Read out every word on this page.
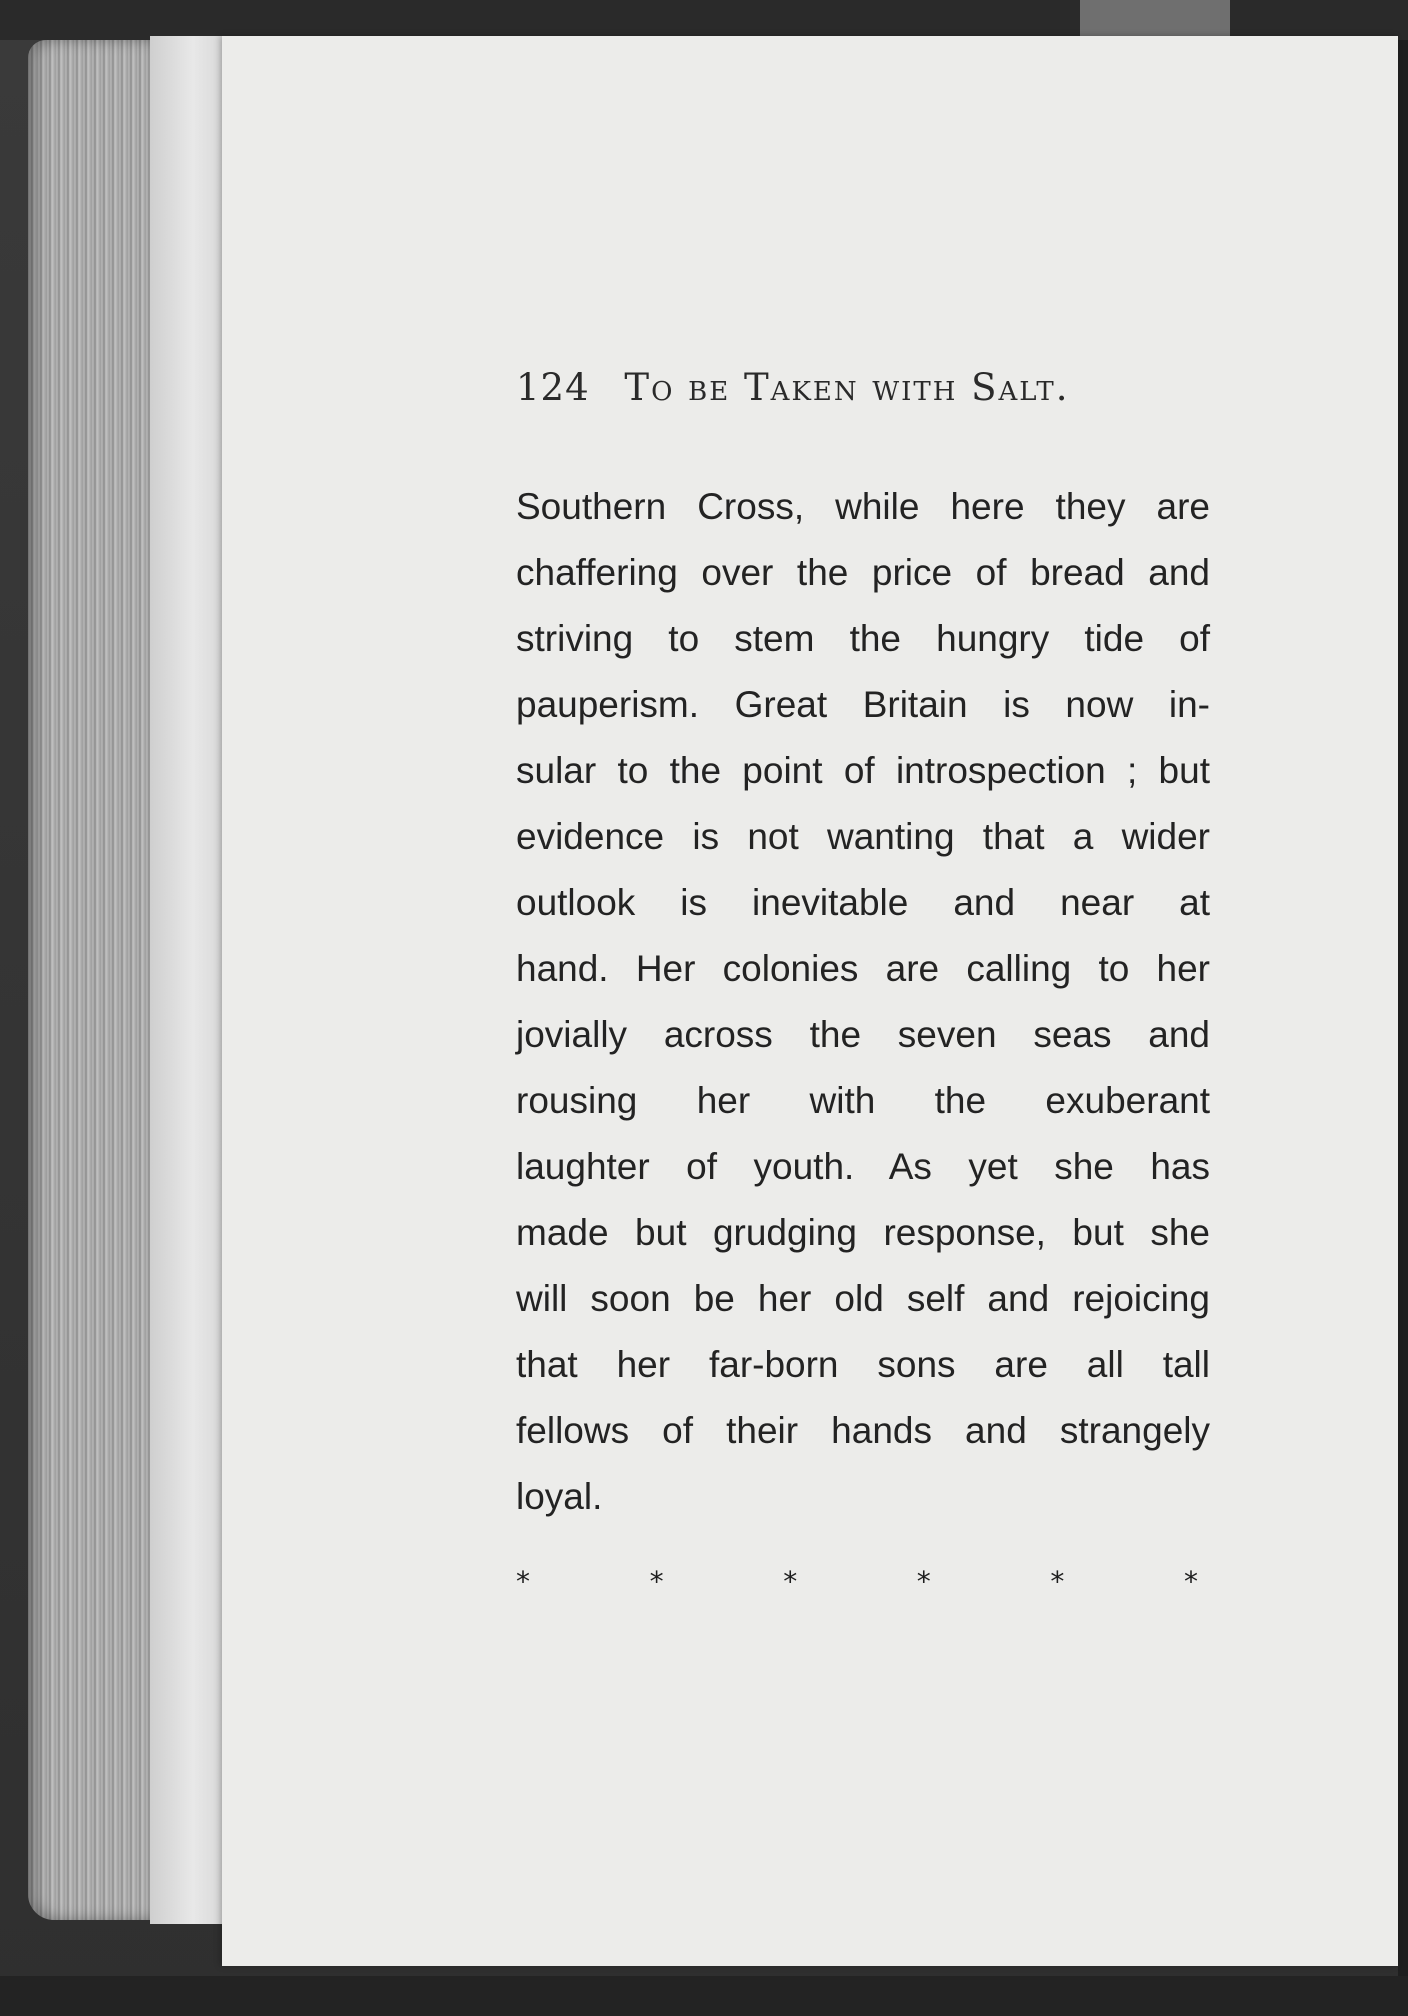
124 To be Taken with Salt.
Southern Cross, while here they are
chaffering over the price of bread and
striving to stem the hungry tide of
pauperism. Great Britain is now in-
sular to the point of introspection ; but
evidence is not wanting that a wider
outlook is inevitable and near at
hand. Her colonies are calling to her
jovially across the seven seas and
rousing her with the exuberant
laughter of youth. As yet she has
made but grudging response, but she
will soon be her old self and rejoicing
that her far-born sons are all tall
fellows of their hands and strangely
loyal.
*	*	*	*	*	*
